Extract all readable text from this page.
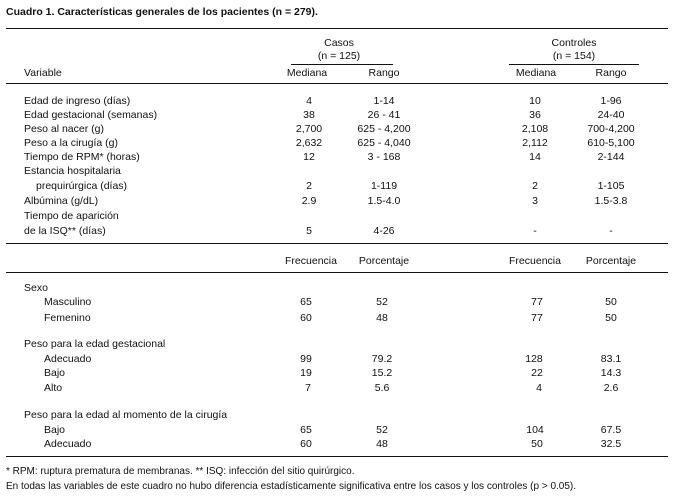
Cuadro 1. Características generales de los pacientes (n = 279).
Casos
(n = 125)
Controles
(n = 154)
Variable	Mediana	Rango	Mediana	Rango
Edad de ingreso (días)	4	1-14	10	1-96
Edad gestacional (semanas)	38	26 - 41	36	24-40
Peso al nacer (g)	2,700	625 - 4,200	2,108	700-4,200
Peso a la cirugía (g)	2,632	625 - 4,040	2,112	610-5,100
Tiempo de RPM* (horas)	12	3 - 168	14	2-144
Estancia hospitalaria
prequirúrgica (días)	2	1-119	2	1-105
Albúmina (g/dL)	2.9	1.5-4.0	3	1.5-3.8
Tiempo de aparición
de la ISQ** (días)	5	4-26	-	-
Frecuencia Porcentaje	Frecuencia Porcentaje
Sexo
Masculino	65	52	77	50
Femenino	60	48	77	50
Peso para la edad gestacional
Adecuado	99	79.2	128	83.1
Bajo	19	15.2	22	14.3
Alto	7	5.6	4	2.6
Peso para la edad al momento de la cirugía
Bajo	65	52	104	67.5
Adecuado	60	48	50	32.5
* RPM: ruptura prematura de membranas. ** ISQ: infección del sitio quirúrgico.
En todas las variables de este cuadro no hubo diferencia estadísticamente significativa entre los casos y los controles (p > 0.05).
